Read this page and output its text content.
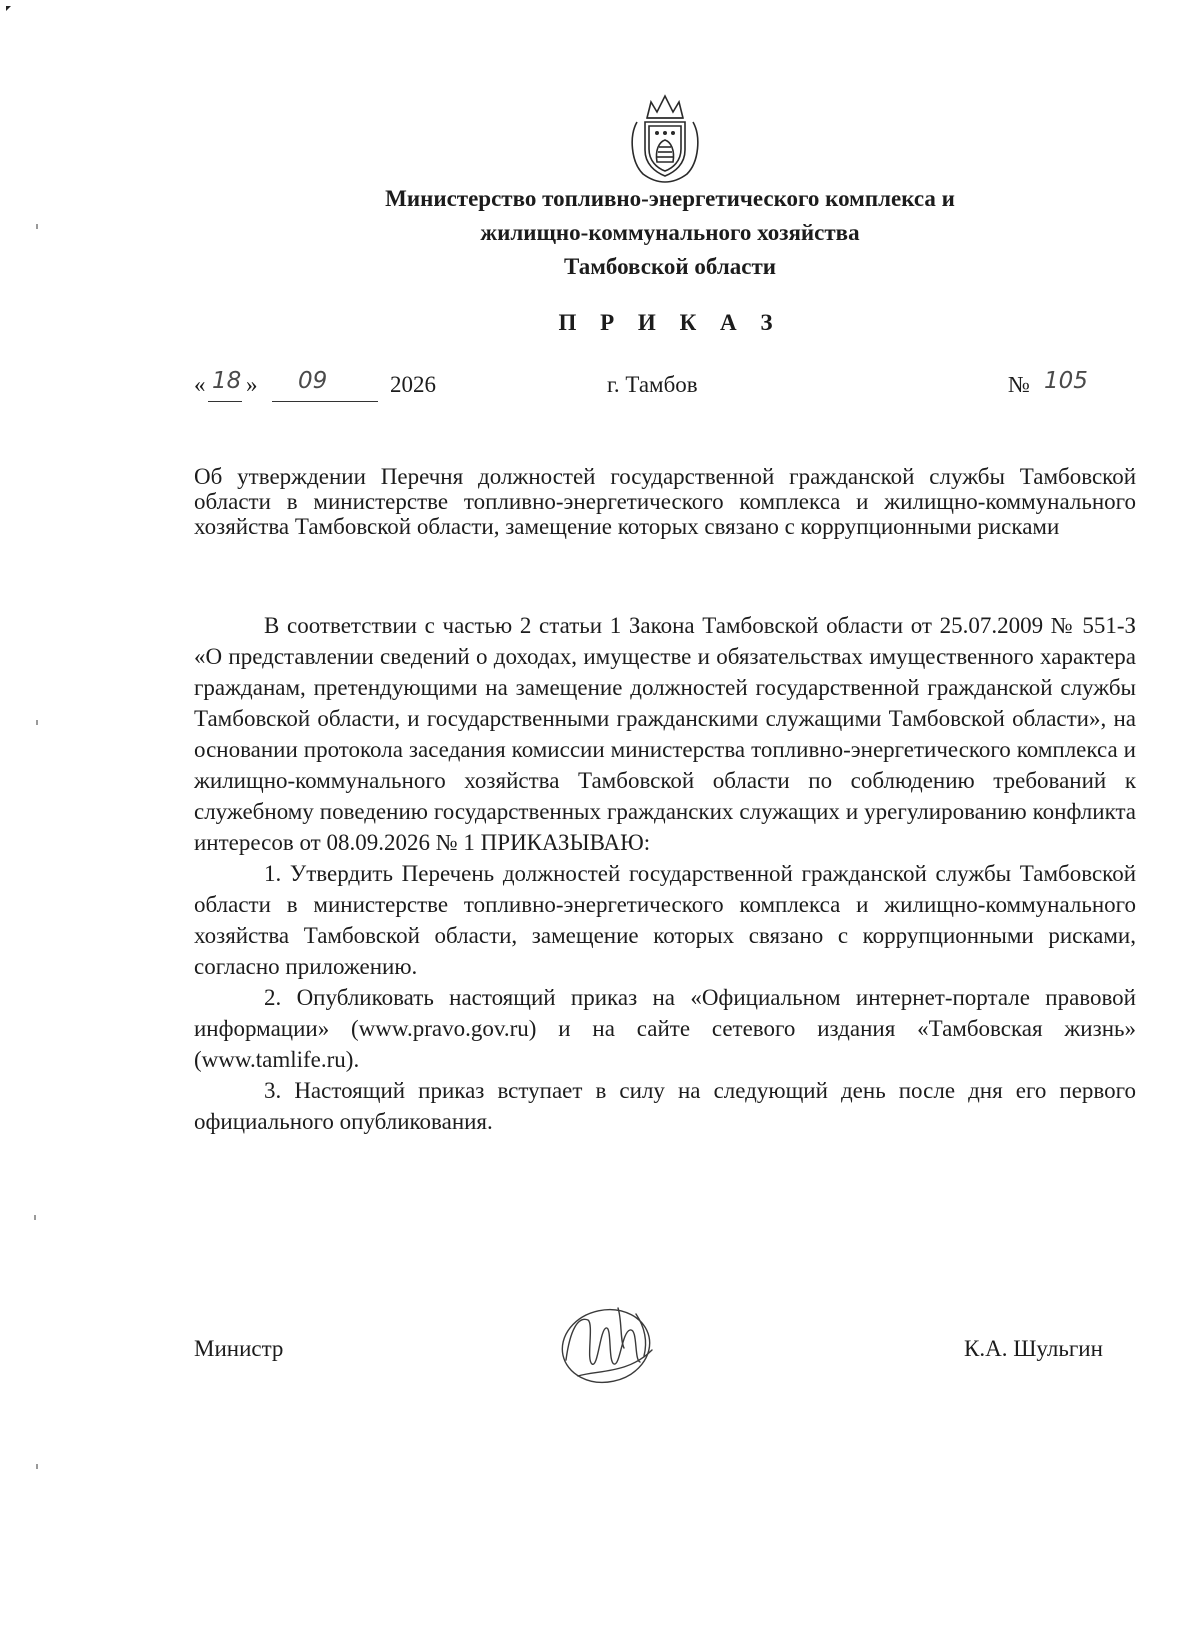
Министерство топливно-энергетического комплекса и
жилищно-коммунального хозяйства
Тамбовской области
П Р И К А З
« 18 » 09	2026	г. Тамбов	№ 105
Об утверждении Перечня должностей государственной гражданской службы Тамбовской области в министерстве топливно-энергетического комплекса и жилищно-коммунального хозяйства Тамбовской области, замещение которых связано с коррупционными рисками

В соответствии с частью 2 статьи 1 Закона Тамбовской области от 25.07.2009 № 551-З «О представлении сведений о доходах, имуществе и обязательствах имущественного характера гражданам, претендующими на замещение должностей государственной гражданской службы Тамбовской области, и государственными гражданскими служащими Тамбовской области», на основании протокола заседания комиссии министерства топливно-энергетического комплекса и жилищно-коммунального хозяйства Тамбовской области по соблюдению требований к служебному поведению государственных гражданских служащих и урегулированию конфликта интересов от 08.09.2026 № 1 ПРИКАЗЫВАЮ:

1. Утвердить Перечень должностей государственной гражданской службы Тамбовской области в министерстве топливно-энергетического комплекса и жилищно-коммунального хозяйства Тамбовской области, замещение которых связано с коррупционными рисками, согласно приложению.

2. Опубликовать настоящий приказ на «Официальном интернет-портале правовой информации» (www.pravo.gov.ru) и на сайте сетевого издания «Тамбовская жизнь» (www.tamlife.ru).

3. Настоящий приказ вступает в силу на следующий день после дня его первого официального опубликования.

Министр	К.А. Шульгин
